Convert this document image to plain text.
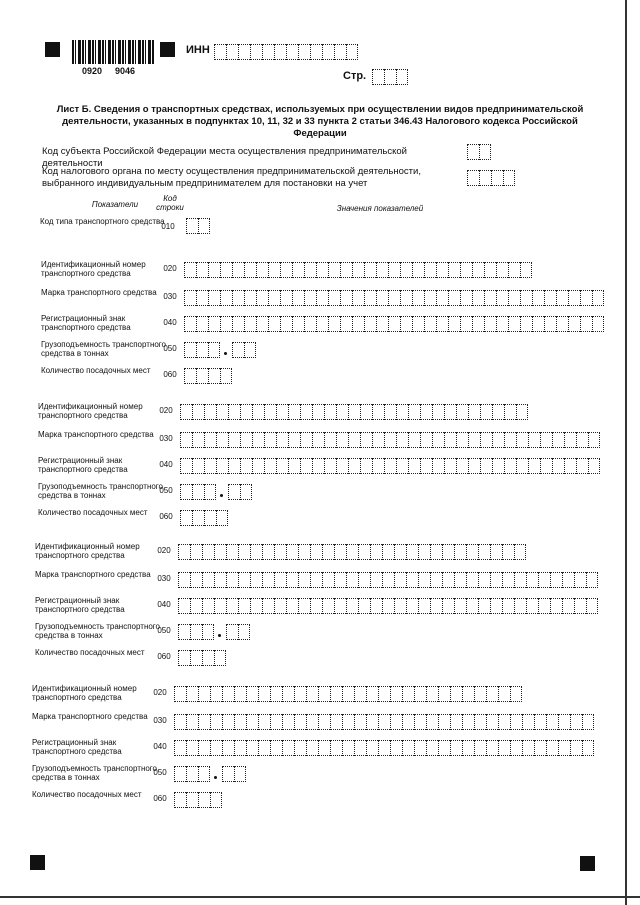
0920 9046
ИНН
Стр.
Лист Б. Сведения о транспортных средствах, используемых при осуществлении видов предпринимательской деятельности, указанных в подпунктах 10, 11, 32 и 33 пункта 2 статьи 346.43 Налогового кодекса Российской Федерации
Код субъекта Российской Федерации места осуществления предпринимательской деятельности
Код налогового органа по месту осуществления предпринимательской деятельности, выбранного индивидуальным предпринимателем для постановки на учет
Показатели
Код строки	Значения показателей
Код типа транспортного средства
010
Идентификационный номер транспортного средства
020
Марка транспортного средства 030
Регистрационный знак транспортного средства
040
Грузоподъемность транспортного средства в тоннах
050
Количество посадочных мест	060
Идентификационный номер транспортного средства
020
Марка транспортного средства 030
Регистрационный знак транспортного средства
040
Грузоподъемность транспортного средства в тоннах
050
Количество посадочных мест	060
Идентификационный номер транспортного средства
020
Марка транспортного средства 030
Регистрационный знак транспортного средства
040
Грузоподъемность транспортного средства в тоннах
050
Количество посадочных мест	060
Идентификационный номер транспортного средства
020
Марка транспортного средства 030
Регистрационный знак транспортного средства
040
Грузоподъемность транспортного средства в тоннах
050
Количество посадочных мест	060
